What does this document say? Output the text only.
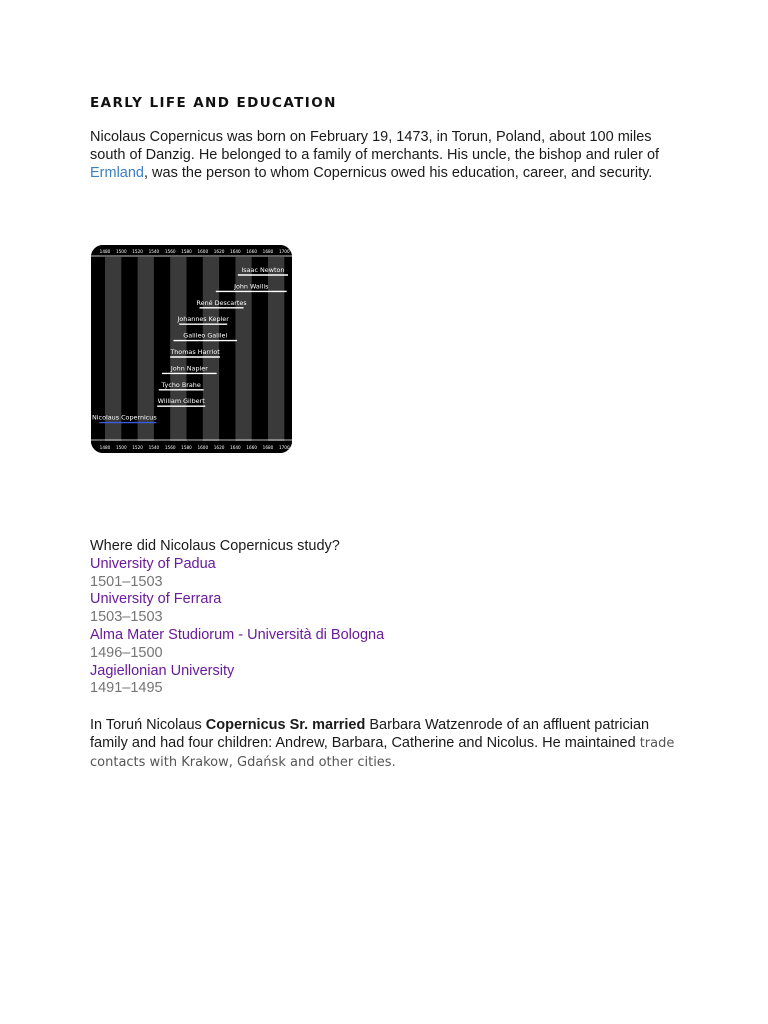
EARLY LIFE AND EDUCATION

Nicolaus Copernicus was born on February 19, 1473, in Torun, Poland, about 100 miles south of Danzig. He belonged to a family of merchants. His uncle, the bishop and ruler of Ermland, was the person to whom Copernicus owed his education, career, and security.

1480
1480
1500
1500
1520
1520
1540
1540
1560
1560
1580
1580
1600
1600
1620
1620
1640
1640
1660
1660
1680
1680
1700
1700
Isaac Newton
John Wallis
René Descartes
Johannes Kepler
Galileo Galilei
Thomas Harriot
John Napier
Tycho Brahe
William Gilbert
Nicolaus Copernicus
Where did Nicolaus Copernicus study?
University of Padua
1501–1503
University of Ferrara
1503–1503
Alma Mater Studiorum - Università di Bologna
1496–1500
Jagiellonian University
1491–1495

In Toruń Nicolaus Copernicus Sr. married Barbara Watzenrode of an affluent patrician family and had four children: Andrew, Barbara, Catherine and Nicolus. He maintained trade contacts with Krakow, Gdańsk and other cities.
